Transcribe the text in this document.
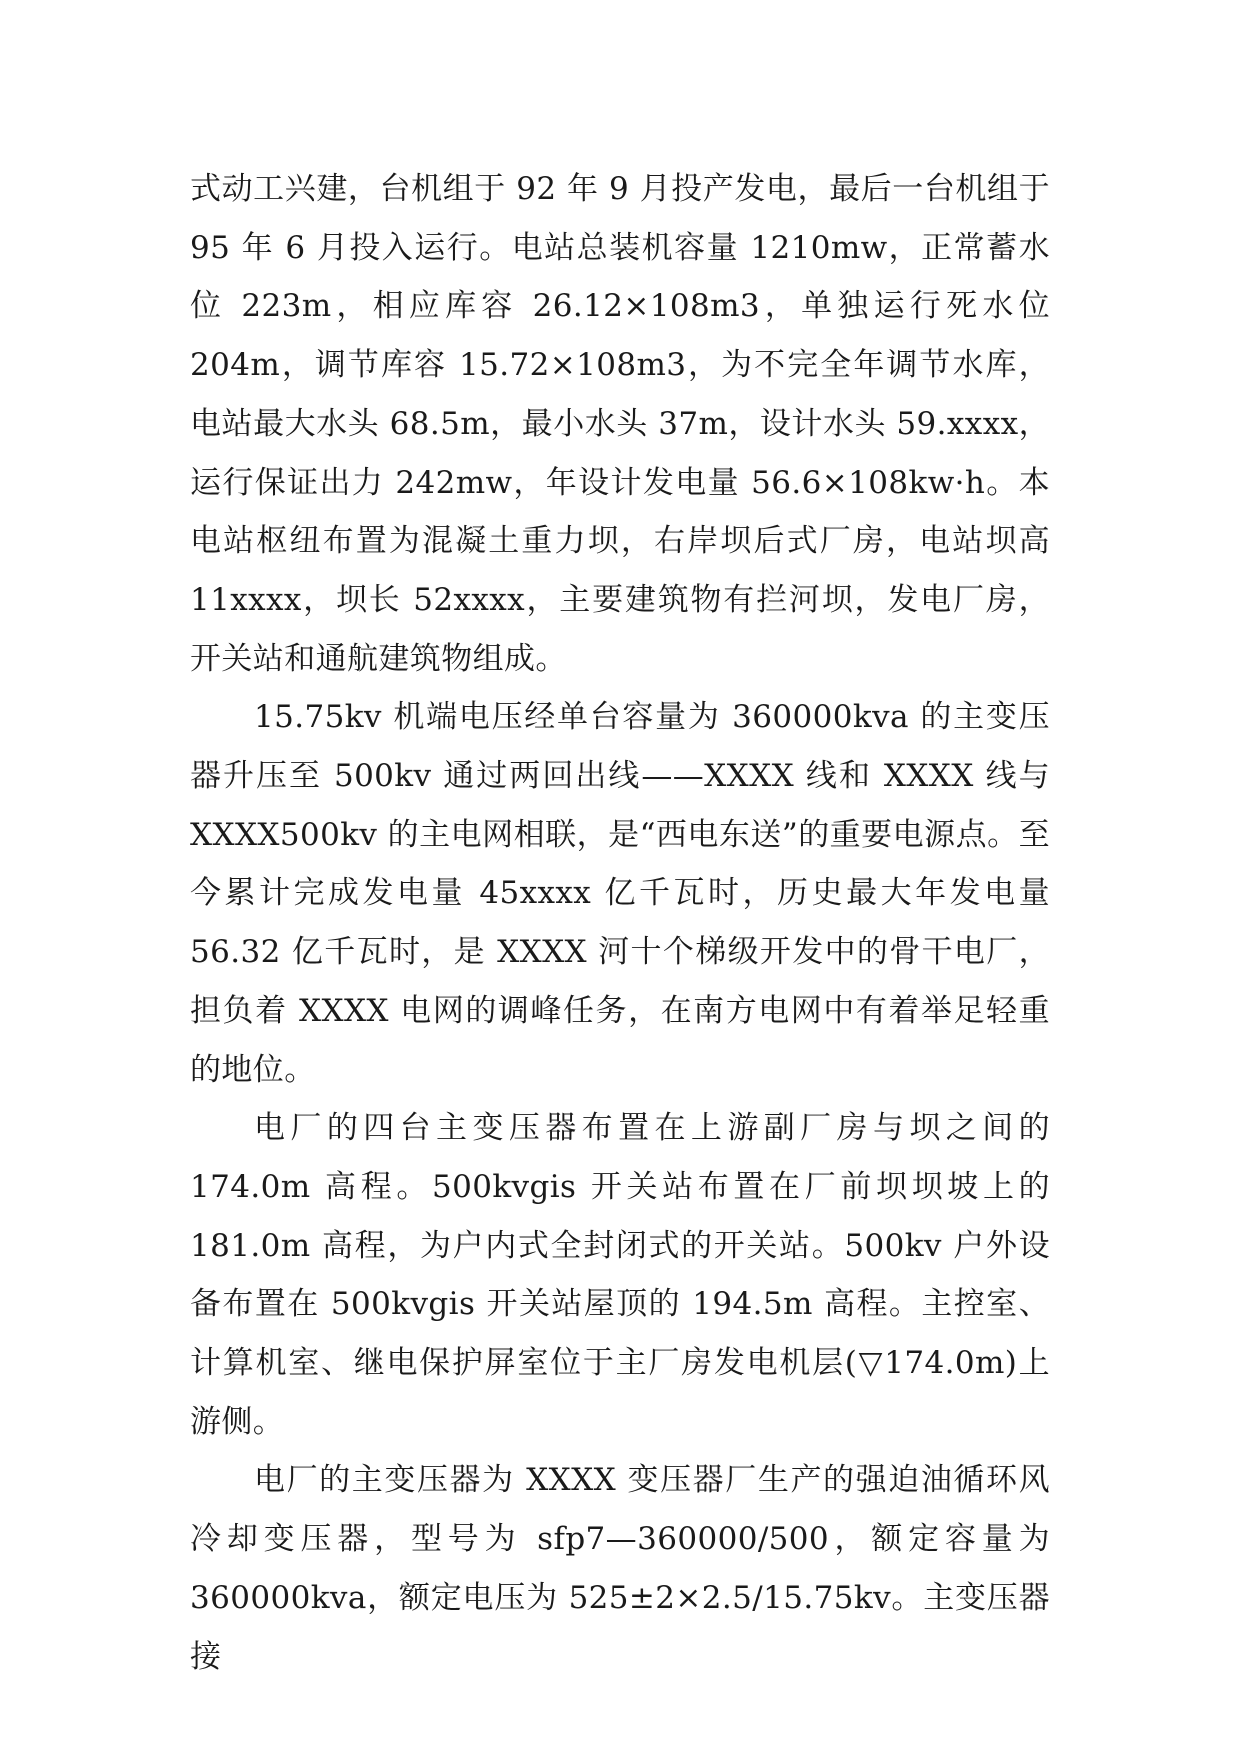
式动工兴建，台机组于 92 年 9 月投产发电，最后一台机组于 95 年 6 月投入运行。电站总装机容量 1210mw，正常蓄水位 223m，相应库容 26.12×108m3，单独运行死水位 204m，调节库容 15.72×108m3，为不完全年调节水库，电站最大水头 68.5m，最小水头 37m，设计水头 59.xxxx，运行保证出力 242mw，年设计发电量 56.6×108kw·h。本电站枢纽布置为混凝土重力坝，右岸坝后式厂房，电站坝高 11xxxx，坝长 52xxxx，主要建筑物有拦河坝，发电厂房，开关站和通航建筑物组成。

15.75kv 机端电压经单台容量为 360000kva 的主变压器升压至 500kv 通过两回出线——XXXX 线和 XXXX 线与 XXXX500kv 的主电网相联，是“西电东送”的重要电源点。至今累计完成发电量 45xxxx 亿千瓦时，历史最大年发电量 56.32 亿千瓦时，是 XXXX 河十个梯级开发中的骨干电厂，担负着 XXXX 电网的调峰任务，在南方电网中有着举足轻重的地位。

电厂的四台主变压器布置在上游副厂房与坝之间的 174.0m 高程。500kvgis 开关站布置在厂前坝坝坡上的 181.0m 高程，为户内式全封闭式的开关站。500kv 户外设备布置在 500kvgis 开关站屋顶的 194.5m 高程。主控室、计算机室、继电保护屏室位于主厂房发电机层(▽174.0m)上游侧。

电厂的主变压器为 XXXX 变压器厂生产的强迫油循环风冷却变压器，型号为 sfp7—360000/500，额定容量为 360000kva，额定电压为 525±2×2.5/15.75kv。主变压器接
